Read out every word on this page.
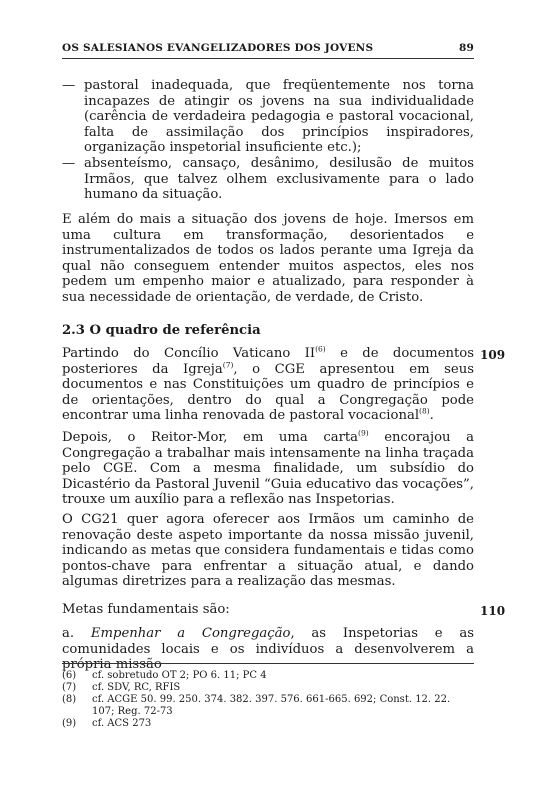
OS SALESIANOS EVANGELIZADORES DOS JOVENS	89
— pastoral inadequada, que freqüentemente nos torna incapazes de atingir os jovens na sua individualidade (carência de verdadeira pedagogia e pastoral vocacional, falta de assimilação dos princípios inspiradores, organização inspetorial insuficiente etc.);
— absenteísmo, cansaço, desânimo, desilusão de muitos Irmãos, que talvez olhem exclusivamente para o lado humano da situação.
E além do mais a situação dos jovens de hoje. Imersos em uma cultura em transformação, desorientados e instrumentalizados de todos os lados perante uma Igreja da qual não conseguem entender muitos aspectos, eles nos pedem um empenho maior e atualizado, para responder à sua necessidade de orientação, de verdade, de Cristo.
2.3 O quadro de referência
Partindo do Concílio Vaticano II$^{(6)}$ e de documentos posteriores da Igreja$^{(7)}$, o CGE apresentou em seus documentos e nas Constituições um quadro de princípios e de orientações, dentro do qual a Congregação pode encontrar uma linha renovada de pastoral vocacional$^{(8)}$.
109
Depois, o Reitor-Mor, em uma carta$^{(9)}$ encorajou a Congregação a trabalhar mais intensamente na linha traçada pelo CGE. Com a mesma finalidade, um subsídio do Dicastério da Pastoral Juvenil “Guia educativo das vocações”, trouxe um auxílio para a reflexão nas Inspetorias.
O CG21 quer agora oferecer aos Irmãos um caminho de renovação deste aspeto importante da nossa missão juvenil, indicando as metas que considera fundamentais e tidas como pontos-chave para enfrentar a situação atual, e dando algumas diretrizes para a realização das mesmas.
Metas fundamentais são:	110
a. Empenhar a Congregação, as Inspetorias e as comunidades locais e os indivíduos a desenvolverem a própria missão
(6)	cf. sobretudo OT 2; PO 6. 11; PC 4
(7)	cf. SDV, RC, RFIS
(8)	cf. ACGE 50. 99. 250. 374. 382. 397. 576. 661-665. 692; Const. 12. 22. 107; Reg. 72-73
(9)	cf. ACS 273
